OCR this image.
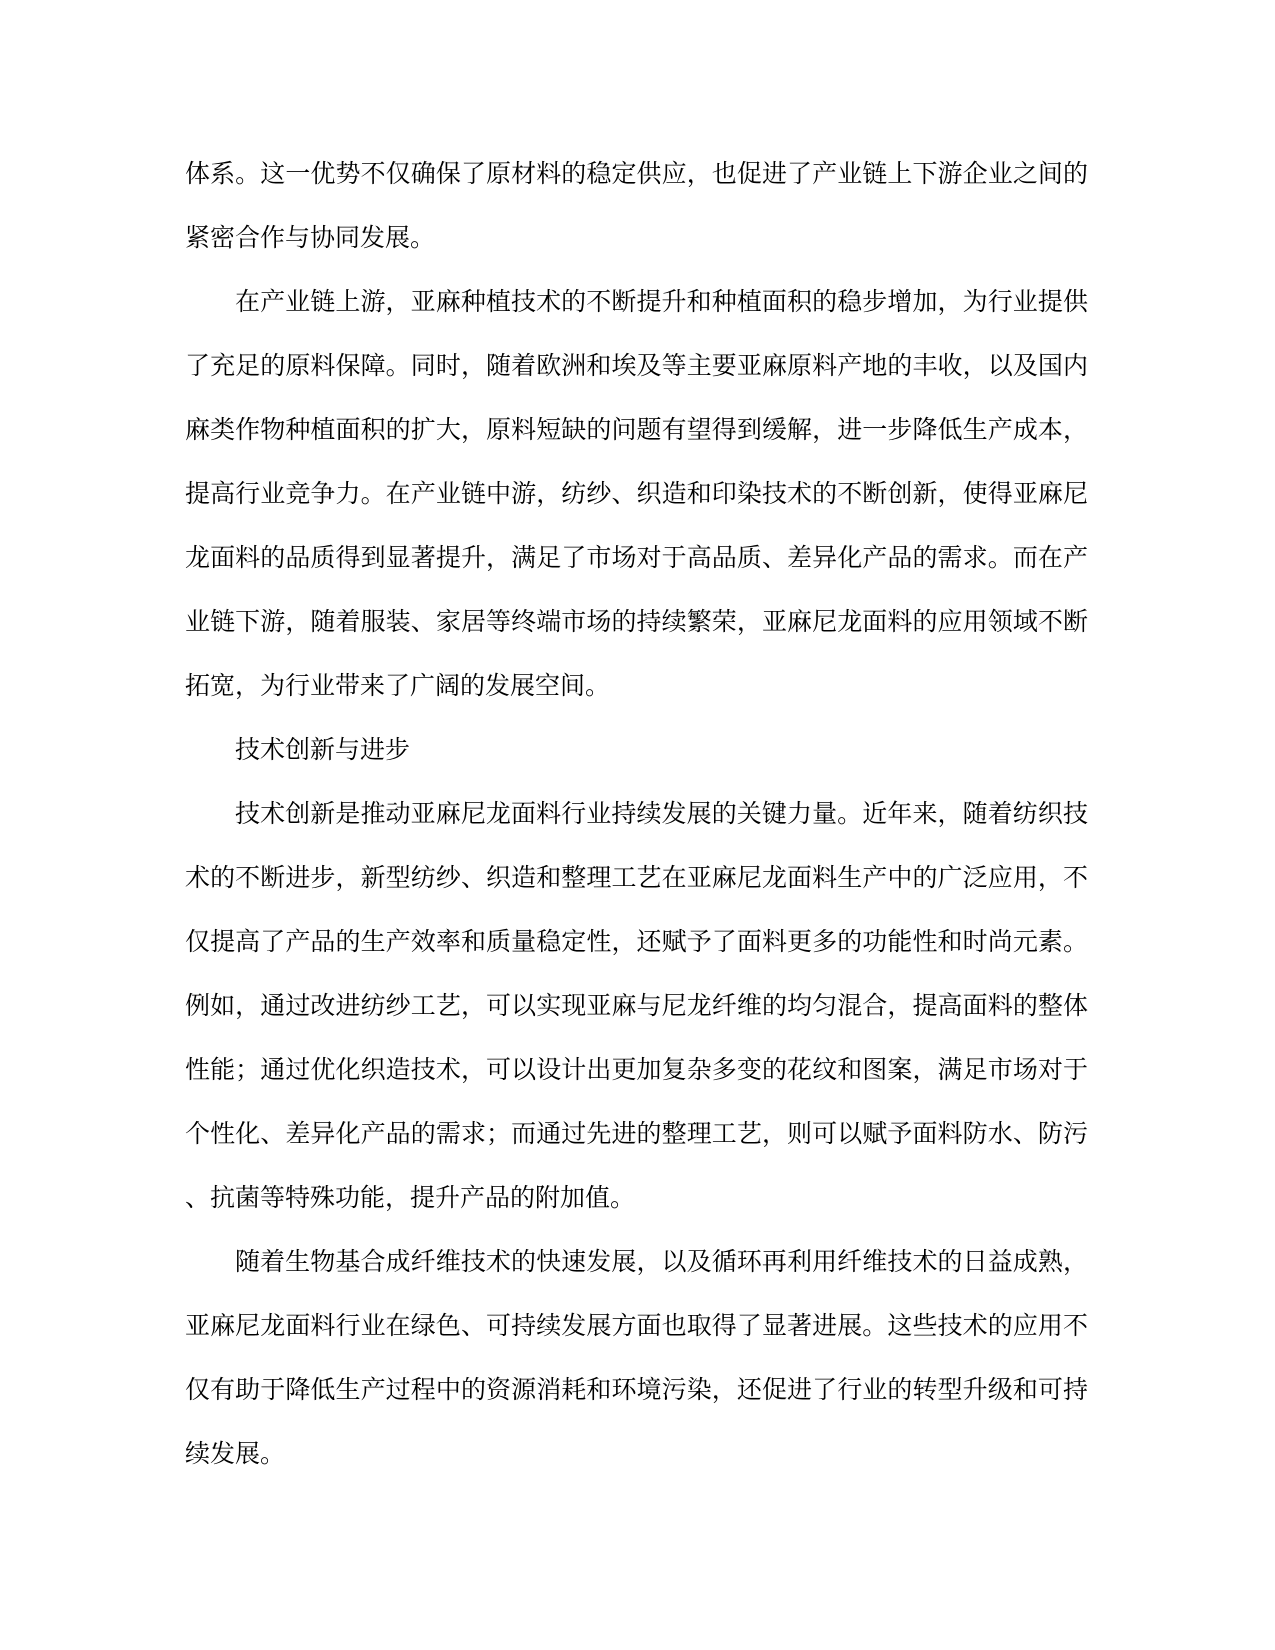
体系。这一优势不仅确保了原材料的稳定供应，也促进了产业链上下游企业之间的紧密合作与协同发展。

在产业链上游，亚麻种植技术的不断提升和种植面积的稳步增加，为行业提供了充足的原料保障。同时，随着欧洲和埃及等主要亚麻原料产地的丰收，以及国内麻类作物种植面积的扩大，原料短缺的问题有望得到缓解，进一步降低生产成本，提高行业竞争力。在产业链中游，纺纱、织造和印染技术的不断创新，使得亚麻尼龙面料的品质得到显著提升，满足了市场对于高品质、差异化产品的需求。而在产业链下游，随着服装、家居等终端市场的持续繁荣，亚麻尼龙面料的应用领域不断拓宽，为行业带来了广阔的发展空间。

技术创新与进步

技术创新是推动亚麻尼龙面料行业持续发展的关键力量。近年来，随着纺织技术的不断进步，新型纺纱、织造和整理工艺在亚麻尼龙面料生产中的广泛应用，不仅提高了产品的生产效率和质量稳定性，还赋予了面料更多的功能性和时尚元素。例如，通过改进纺纱工艺，可以实现亚麻与尼龙纤维的均匀混合，提高面料的整体性能；通过优化织造技术，可以设计出更加复杂多变的花纹和图案，满足市场对于个性化、差异化产品的需求；而通过先进的整理工艺，则可以赋予面料防水、防污、抗菌等特殊功能，提升产品的附加值。

随着生物基合成纤维技术的快速发展，以及循环再利用纤维技术的日益成熟，亚麻尼龙面料行业在绿色、可持续发展方面也取得了显著进展。这些技术的应用不仅有助于降低生产过程中的资源消耗和环境污染，还促进了行业的转型升级和可持续发展。
